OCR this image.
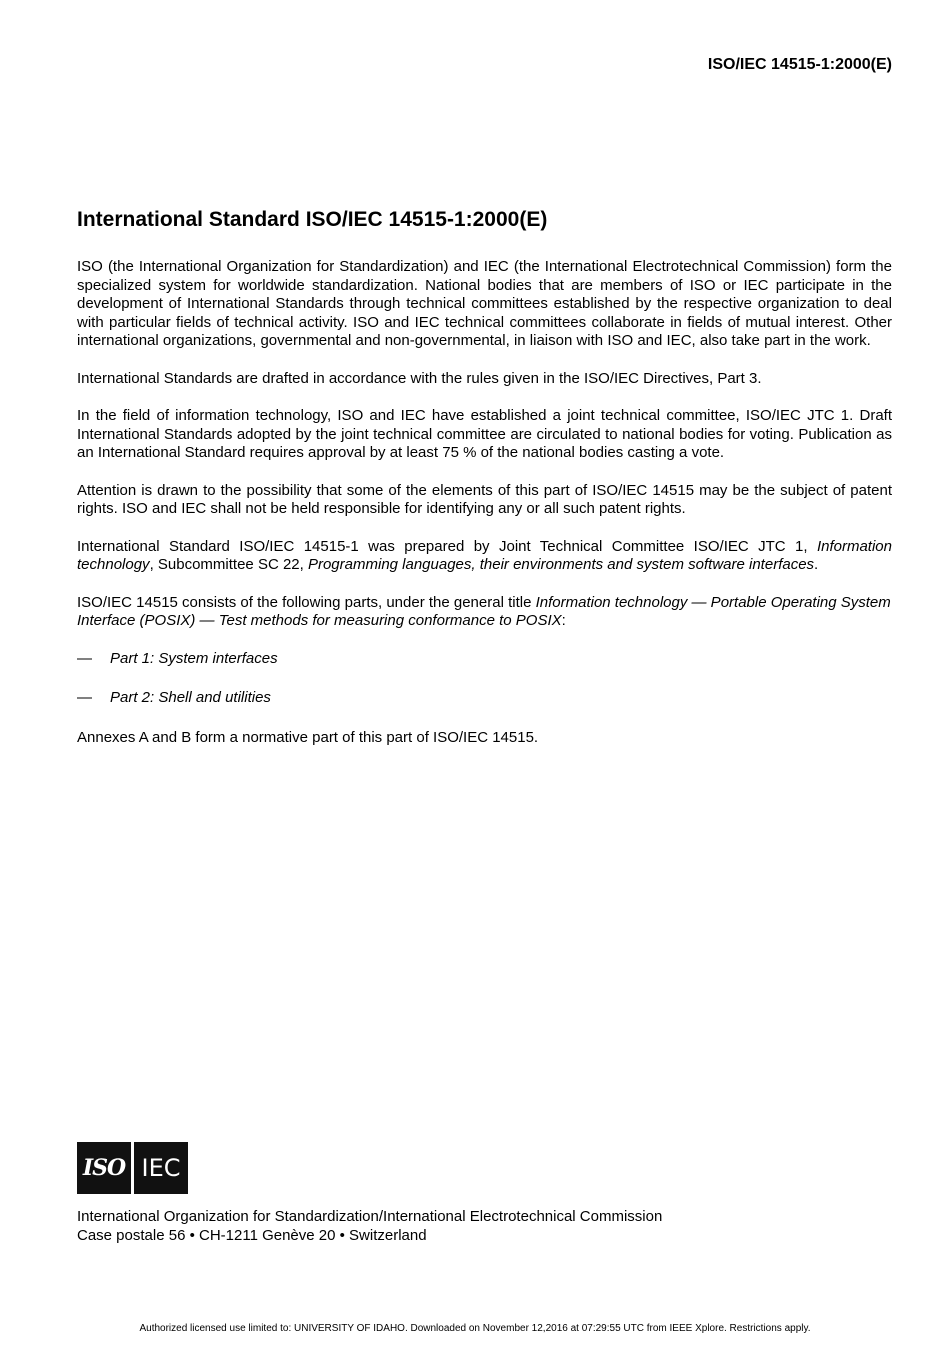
ISO/IEC 14515-1:2000(E)
International Standard ISO/IEC 14515-1:2000(E)

ISO (the International Organization for Standardization) and IEC (the International Electrotechnical Commission) form the specialized system for worldwide standardization. National bodies that are members of ISO or IEC participate in the development of International Standards through technical committees established by the respective organization to deal with particular fields of technical activity. ISO and IEC technical committees collaborate in fields of mutual interest. Other international organizations, governmental and non-governmental, in liaison with ISO and IEC, also take part in the work.

International Standards are drafted in accordance with the rules given in the ISO/IEC Directives, Part 3.

In the field of information technology, ISO and IEC have established a joint technical committee, ISO/IEC JTC 1. Draft International Standards adopted by the joint technical committee are circulated to national bodies for voting. Publication as an International Standard requires approval by at least 75 % of the national bodies casting a vote.

Attention is drawn to the possibility that some of the elements of this part of ISO/IEC 14515 may be the subject of patent rights. ISO and IEC shall not be held responsible for identifying any or all such patent rights.

International Standard ISO/IEC 14515-1 was prepared by Joint Technical Committee ISO/IEC JTC 1, Information technology, Subcommittee SC 22, Programming languages, their environments and system software interfaces.

ISO/IEC 14515 consists of the following parts, under the general title Information technology — Portable Operating System Interface (POSIX) — Test methods for measuring conformance to POSIX:

—	Part 1: System interfaces
—	Part 2: Shell and utilities

Annexes A and B form a normative part of this part of ISO/IEC 14515.

ISO IEC
International Organization for Standardization/International Electrotechnical Commission
Case postale 56 • CH-1211 Genève 20 • Switzerland
Authorized licensed use limited to: UNIVERSITY OF IDAHO. Downloaded on November 12,2016 at 07:29:55 UTC from IEEE Xplore. Restrictions apply.
